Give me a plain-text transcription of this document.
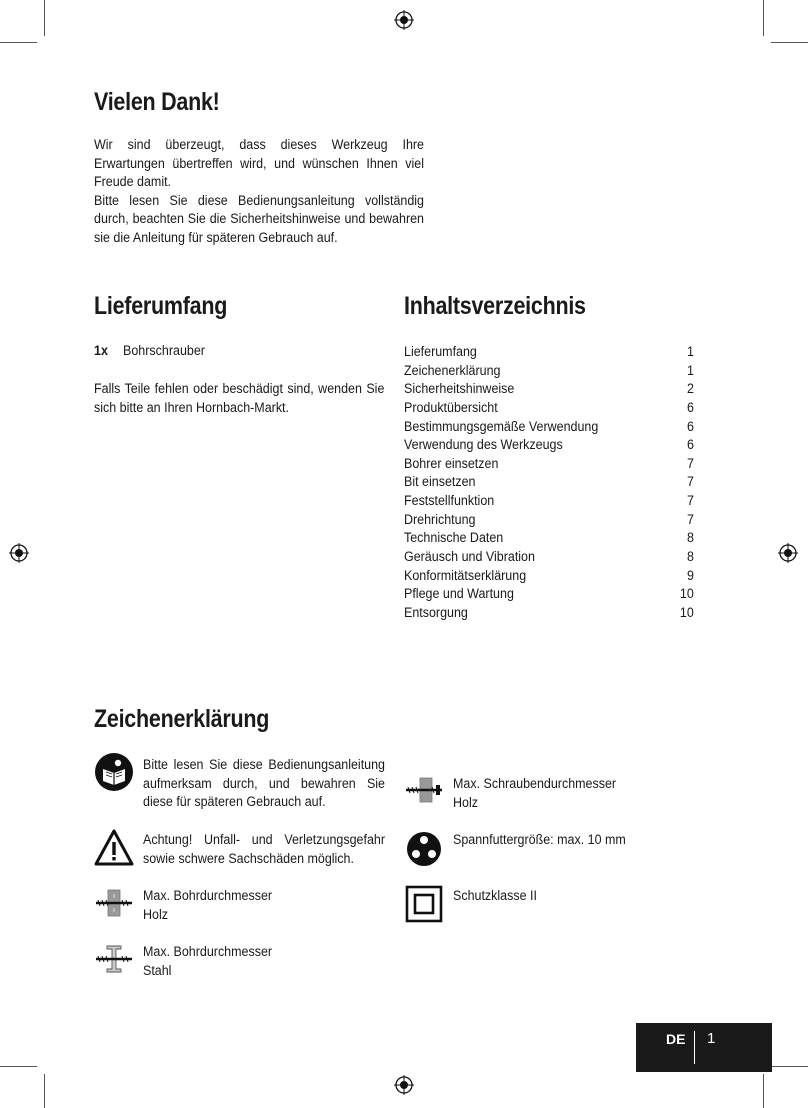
Vielen Dank!

Wir sind überzeugt, dass dieses Werkzeug Ihre Erwartungen übertreffen wird, und wünschen Ihnen viel Freude damit.

Bitte lesen Sie diese Bedienungsanleitung vollständig durch, beachten Sie die Sicherheitshinweise und bewahren sie die Anleitung für späteren Gebrauch auf.

Lieferumfang
1x Bohrschrauber
Falls Teile fehlen oder beschädigt sind, wenden Sie sich bitte an Ihren Hornbach-Markt.
Inhaltsverzeichnis
Lieferumfang	1
Zeichenerklärung	1
Sicherheitshinweise	2
Produktübersicht	6
Bestimmungsgemäße Verwendung	6
Verwendung des Werkzeugs	6
Bohrer einsetzen	7
Bit einsetzen	7
Feststellfunktion	7
Drehrichtung	7
Technische Daten	8
Geräusch und Vibration	8
Konformitätserklärung	9
Pflege und Wartung	10
Entsorgung	10
Zeichenerklärung
Bitte lesen Sie diese Bedienungsanleitung aufmerksam durch, und bewahren Sie diese für späteren Gebrauch auf.
Achtung! Unfall- und Verletzungsgefahr sowie schwere Sachschäden möglich.
Max. Bohrdurchmesser
Holz
Max. Bohrdurchmesser
Stahl
Max. Schraubendurchmesser
Holz
Spannfuttergröße: max. 10 mm
Schutzklasse II
DE 1
